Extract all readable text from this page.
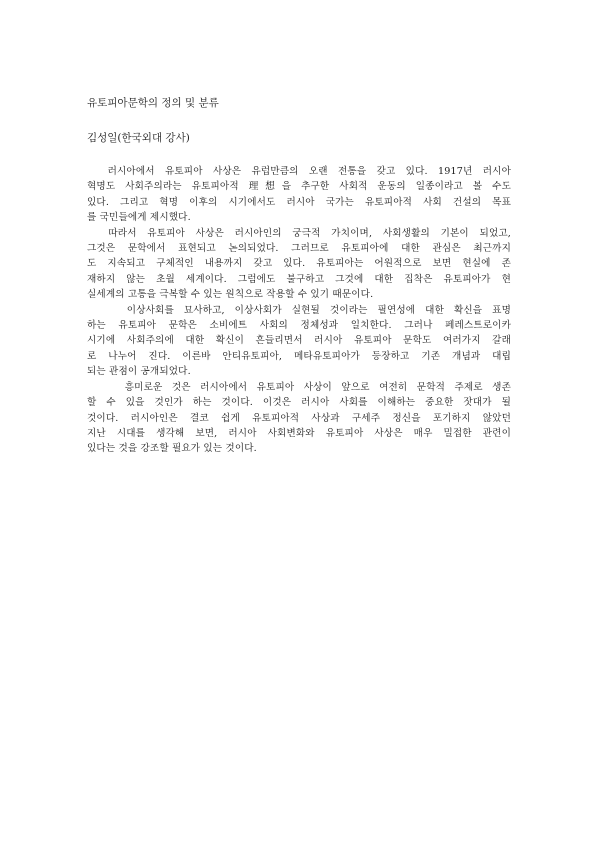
유토피아문학의 정의 및 분류

김성일(한국외대 강사)

러시아에서 유토피아 사상은 유럽만큼의 오랜 전통을 갖고 있다. 1917년 러시아
혁명도 사회주의라는 유토피아적 理想을 추구한 사회적 운동의 일종이라고 볼 수도
있다. 그리고 혁명 이후의 시기에서도 러시아 국가는 유토피아적 사회 건설의 목표
를 국민들에게 제시했다.

따라서 유토피아 사상은 러시아인의 궁극적 가치이며, 사회생활의 기본이 되었고,
그것은 문학에서 표현되고 논의되었다. 그러므로 유토피아에 대한 관심은 최근까지
도 지속되고 구체적인 내용까지 갖고 있다. 유토피아는 어원적으로 보면 현실에 존
재하지 않는 초월 세계이다. 그럼에도 불구하고 그것에 대한 집착은 유토피아가 현
실세계의 고통을 극복할 수 있는 원칙으로 작용할 수 있기 때문이다.

이상사회를 묘사하고, 이상사회가 실현될 것이라는 필연성에 대한 확신을 표명
하는 유토피아 문학은 소비에트 사회의 정체성과 일치한다. 그러나 페레스트로이카
시기에 사회주의에 대한 확신이 흔들리면서 러시아 유토피아 문학도 여러가지 갈래
로 나누어 진다. 이른바 안티유토피아, 메타유토피아가 등장하고 기존 개념과 대립
되는 관점이 공개되었다.

흥미로운 것은 러시아에서 유토피아 사상이 앞으로 여전히 문학적 주제로 생존
할 수 있을 것인가 하는 것이다. 이것은 러시아 사회를 이해하는 중요한 잣대가 될
것이다. 러시아인은 결코 쉽게 유토피아적 사상과 구세주 정신을 포기하지 않았던
지난 시대를 생각해 보면, 러시아 사회변화와 유토피아 사상은 매우 밀접한 관련이
있다는 것을 강조할 필요가 있는 것이다.
